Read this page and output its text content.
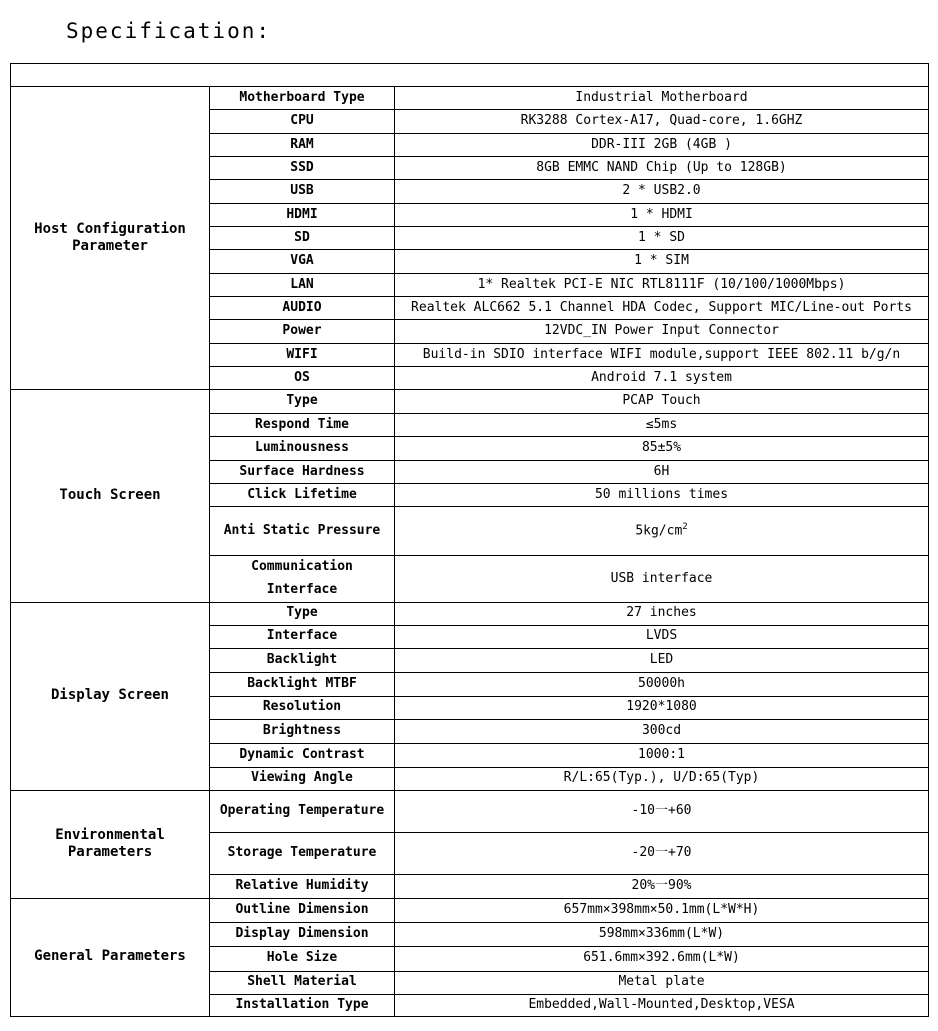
Specification:

Host Configuration Parameter	Motherboard Type	Industrial Motherboard
	CPU	RK3288 Cortex-A17, Quad-core, 1.6GHZ
	RAM	DDR-III 2GB (4GB )
	SSD	8GB EMMC NAND Chip (Up to 128GB)
	USB	2 * USB2.0
	HDMI	1 * HDMI
	SD	1 * SD
	VGA	1 * SIM
	LAN	1* Realtek PCI-E NIC RTL8111F (10/100/1000Mbps)
	AUDIO	Realtek ALC662 5.1 Channel HDA Codec, Support MIC/Line-out Ports
	Power	12VDC_IN Power Input Connector
	WIFI	Build-in SDIO interface WIFI module,support IEEE 802.11 b/g/n
	OS	Android 7.1 system
Touch Screen	Type	PCAP Touch
	Respond Time	≤5ms
	Luminousness	85±5%
	Surface Hardness	6H
	Click Lifetime	50 millions times
	Anti Static Pressure	$5kg/cm^2$
	Communication Interface	USB interface
Display Screen	Type	27 inches
	Interface	LVDS
	Backlight	LED
	Backlight MTBF	50000h
	Resolution	1920*1080
	Brightness	300cd
	Dynamic Contrast	1000:1
	Viewing Angle	R/L:65(Typ.), U/D:65(Typ)
Environmental Parameters	Operating Temperature	-10一+60
	Storage Temperature	-20一+70
	Relative Humidity	20%一90%
General Parameters	Outline Dimension	657mm×398mm×50.1mm(L*W*H)
	Display Dimension	598mm×336mm(L*W)
	Hole Size	651.6mm×392.6mm(L*W)
	Shell Material	Metal plate
	Installation Type	Embedded,Wall-Mounted,Desktop,VESA
